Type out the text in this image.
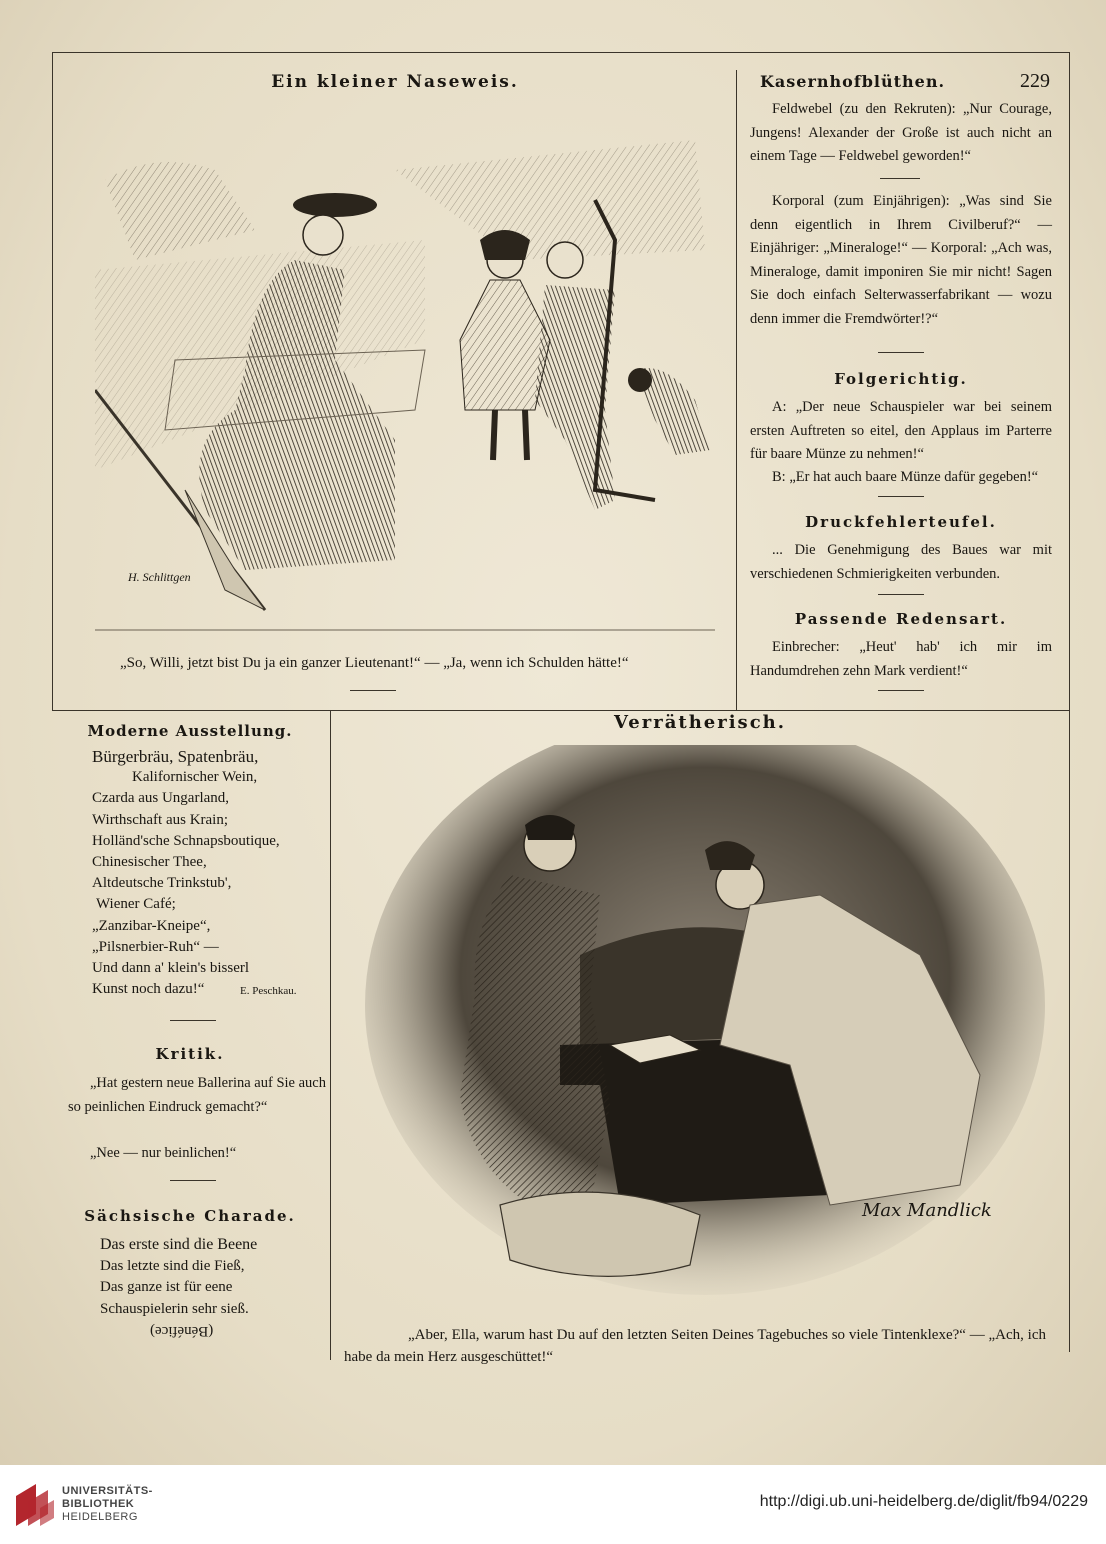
Ein kleiner Naseweis.
H. Schlittgen
„So, Willi, jetzt bist Du ja ein ganzer Lieutenant!“ — „Ja, wenn ich Schulden hätte!“
Kasernhofblüthen.	229
Feldwebel (zu den Rekruten): „Nur Courage, Jungens! Alexander der Große ist auch nicht an einem Tage — Feldwebel geworden!“
Korporal (zum Einjährigen): „Was sind Sie denn eigentlich in Ihrem Civilberuf?“ — Einjähriger: „Mineraloge!“ — Korporal: „Ach was, Mineraloge, damit imponiren Sie mir nicht! Sagen Sie doch einfach Selterwasserfabrikant — wozu denn immer die Fremdwörter!?“
Folgerichtig.
A: „Der neue Schauspieler war bei seinem ersten Auftreten so eitel, den Applaus im Parterre für baare Münze zu nehmen!“
B: „Er hat auch baare Münze dafür gegeben!“
Druckfehlerteufel.
... Die Genehmigung des Baues war mit verschiedenen Schmierigkeiten verbunden.
Passende Redensart.
Einbrecher: „Heut' hab' ich mir im Handumdrehen zehn Mark verdient!“
Moderne Ausstellung.
Bürgerbräu, Spatenbräu,
Kalifornischer Wein,
Czarda aus Ungarland,
Wirthschaft aus Krain;
Holländ'sche Schnapsboutique,
Chinesischer Thee,
Altdeutsche Trinkstub',
Wiener Café;
„Zanzibar-Kneipe“,
„Pilsnerbier-Ruh“ —
Und dann a' klein's bisserl
Kunst noch dazu!“	E. Peschkau.
Kritik.
„Hat gestern neue Ballerina auf Sie auch so peinlichen Eindruck gemacht?“
„Nee — nur beinlichen!“
Sächsische Charade.
Das erste sind die Beene
Das letzte sind die Fieß,
Das ganze ist für eene
Schauspielerin sehr sieß.
(Bénéfice)
Verrätherisch.
Max Mandlick
„Aber, Ella, warum hast Du auf den letzten Seiten Deines Tagebuches so viele Tintenklexe?“ — „Ach, ich habe da mein Herz ausgeschüttet!“
UNIVERSITÄTS-
BIBLIOTHEK
HEIDELBERG
http://digi.ub.uni-heidelberg.de/diglit/fb94/0229
